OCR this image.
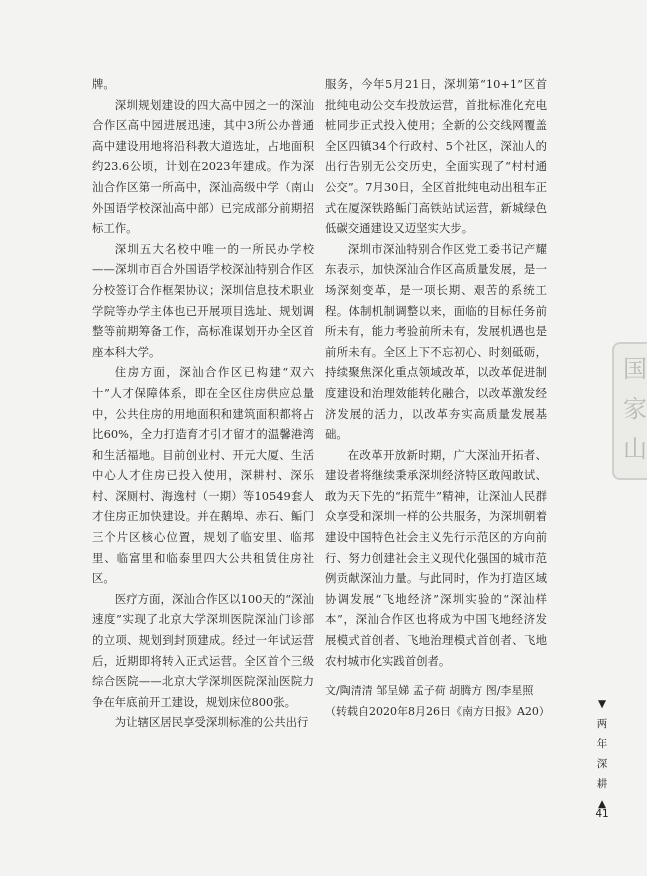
牌。

深圳规划建设的四大高中园之一的深汕合作区高中园进展迅速，其中3所公办普通高中建设用地将沿科教大道选址，占地面积约23.6公顷，计划在2023年建成。作为深汕合作区第一所高中，深汕高级中学（南山外国语学校深汕高中部）已完成部分前期招标工作。

深圳五大名校中唯一的一所民办学校——深圳市百合外国语学校深汕特别合作区分校签订合作框架协议；深圳信息技术职业学院等办学主体也已开展项目选址、规划调整等前期筹备工作，高标准谋划开办全区首座本科大学。

住房方面，深汕合作区已构建“双六十”人才保障体系，即在全区住房供应总量中，公共住房的用地面积和建筑面积都将占比60%，全力打造育才引才留才的温馨港湾和生活福地。目前创业村、开元大厦、生活中心人才住房已投入使用，深耕村、深乐村、深厕村、海逸村（一期）等10549套人才住房正加快建设。并在鹅埠、赤石、鲘门三个片区核心位置，规划了临安里、临邦里、临富里和临泰里四大公共租赁住房社区。

医疗方面，深汕合作区以100天的“深汕速度”实现了北京大学深圳医院深汕门诊部的立项、规划到封顶建成。经过一年试运营后，近期即将转入正式运营。全区首个三级综合医院——北京大学深圳医院深汕医院力争在年底前开工建设，规划床位800张。

为让辖区居民享受深圳标准的公共出行

服务，今年5月21日，深圳第“10+1”区首批纯电动公交车投放运营，首批标准化充电桩同步正式投入使用；全新的公交线网覆盖全区四镇34个行政村、5个社区，深汕人的出行告别无公交历史，全面实现了“村村通公交”。7月30日，全区首批纯电动出租车正式在厦深铁路鲘门高铁站试运营，新城绿色低碳交通建设又迈坚实大步。

深圳市深汕特别合作区党工委书记产耀东表示，加快深汕合作区高质量发展，是一场深刻变革，是一项长期、艰苦的系统工程。体制机制调整以来，面临的目标任务前所未有，能力考验前所未有，发展机遇也是前所未有。全区上下不忘初心、时刻砥砺，持续聚焦深化重点领域改革，以改革促进制度建设和治理效能转化融合，以改革激发经济发展的活力，以改革夯实高质量发展基础。

在改革开放新时期，广大深汕开拓者、建设者将继续秉承深圳经济特区敢闯敢试、敢为天下先的“拓荒牛”精神，让深汕人民群众享受和深圳一样的公共服务，为深圳朝着建设中国特色社会主义先行示范区的方向前行、努力创建社会主义现代化强国的城市范例贡献深汕力量。与此同时，作为打造区域协调发展“飞地经济”深圳实验的“深汕样本”，深汕合作区也将成为中国飞地经济发展模式首创者、飞地治理模式首创者、飞地农村城市化实践首创者。

文/陶清清 邹呈娣 孟子荷 胡腾方 图/李星照

（转载自2020年8月26日《南方日报》A20）

国
家
山
▼
两
年
深
耕
▲
41
